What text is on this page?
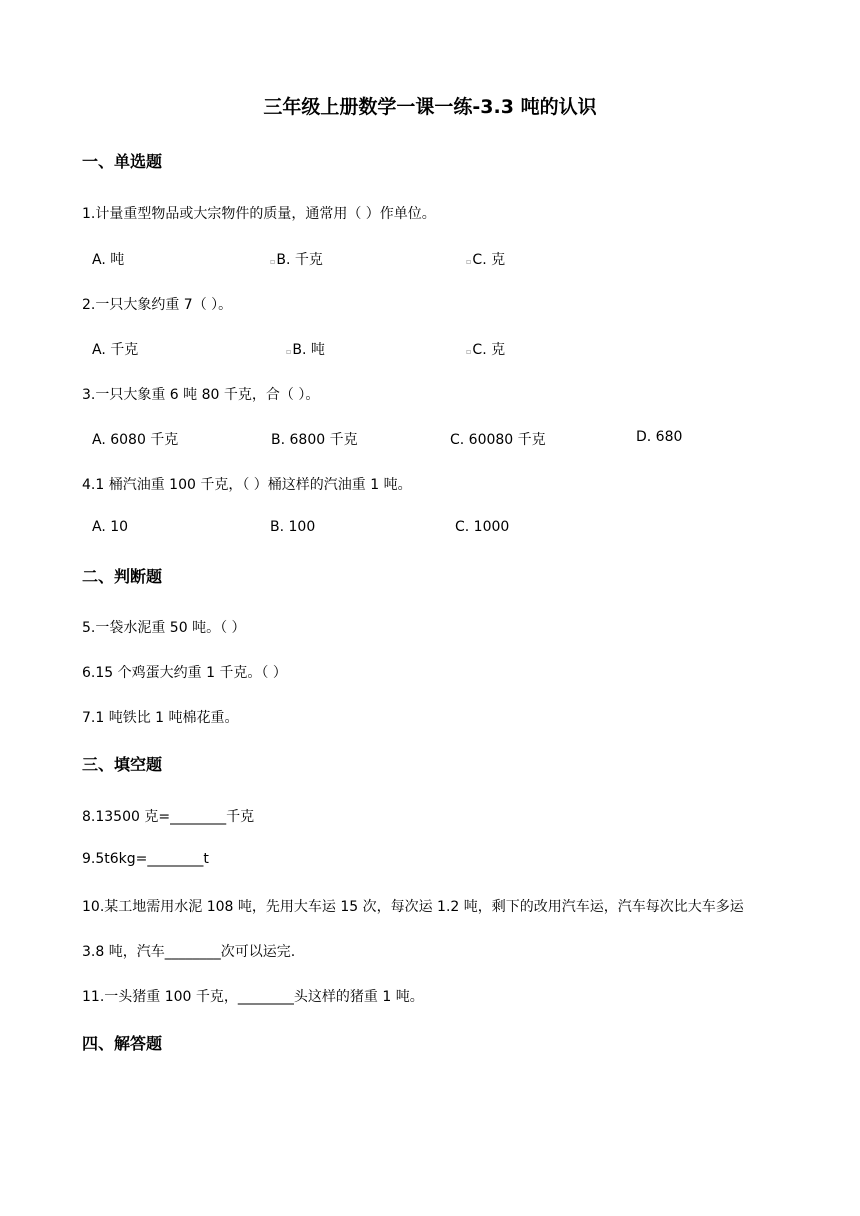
三年级上册数学一课一练-3.3 吨的认识
一、单选题
1.计量重型物品或大宗物件的质量，通常用（ ）作单位。
A. 吨	▫B. 千克	▫C. 克
2.一只大象约重 7（ ）。
A. 千克	▫B. 吨	▫C. 克
3.一只大象重 6 吨 80 千克，合（ ）。
A. 6080 千克	B. 6800 千克	C. 60080 千克	D. 680
4.1 桶汽油重 100 千克，（ ）桶这样的汽油重 1 吨。
A. 10	B. 100	C. 1000
二、判断题
5.一袋水泥重 50 吨。（ ）
6.15 个鸡蛋大约重 1 千克。（ ）
7.1 吨铁比 1 吨棉花重。
三、填空题
8.13500 克=________千克
9.5t6kg=________t
10.某工地需用水泥 108 吨，先用大车运 15 次，每次运 1.2 吨，剩下的改用汽车运，汽车每次比大车多运
3.8 吨，汽车________次可以运完.
11.一头猪重 100 千克，________头这样的猪重 1 吨。
四、解答题
